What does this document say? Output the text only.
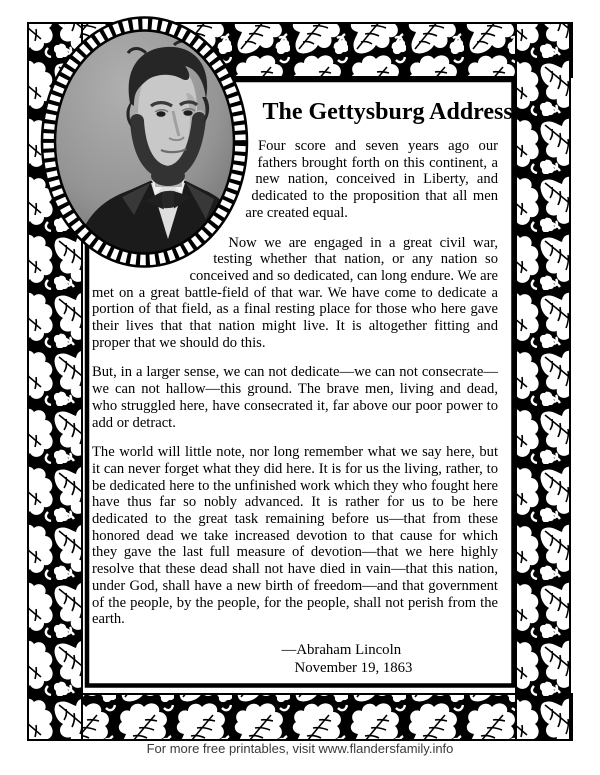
The Gettysburg Address

Four score and seven years ago our fathers brought forth on this continent, a new nation, conceived in Liberty, and dedicated to the proposition that all men are created equal.

Now we are engaged in a great civil war, testing whether that nation, or any nation so conceived and so dedicated, can long endure. We are met on a great battle-field of that war. We have come to dedicate a portion of that field, as a final resting place for those who here gave their lives that that nation might live. It is altogether fitting and proper that we should do this.

But, in a larger sense, we can not dedicate—we can not consecrate— we can not hallow—this ground. The brave men, living and dead, who struggled here, have consecrated it, far above our poor power to add or detract.

The world will little note, nor long remember what we say here, but it can never forget what they did here. It is for us the living, rather, to be dedicated here to the unfinished work which they who fought here have thus far so nobly advanced. It is rather for us to be here dedicated to the great task remaining before us—that from these honored dead we take increased devotion to that cause for which they gave the last full measure of devotion—that we here highly resolve that these dead shall not have died in vain—that this nation, under God, shall have a new birth of freedom—and that government of the people, by the people, for the people, shall not perish from the earth.

—Abraham Lincoln
November 19, 1863
For more free printables, visit www.flandersfamily.info
